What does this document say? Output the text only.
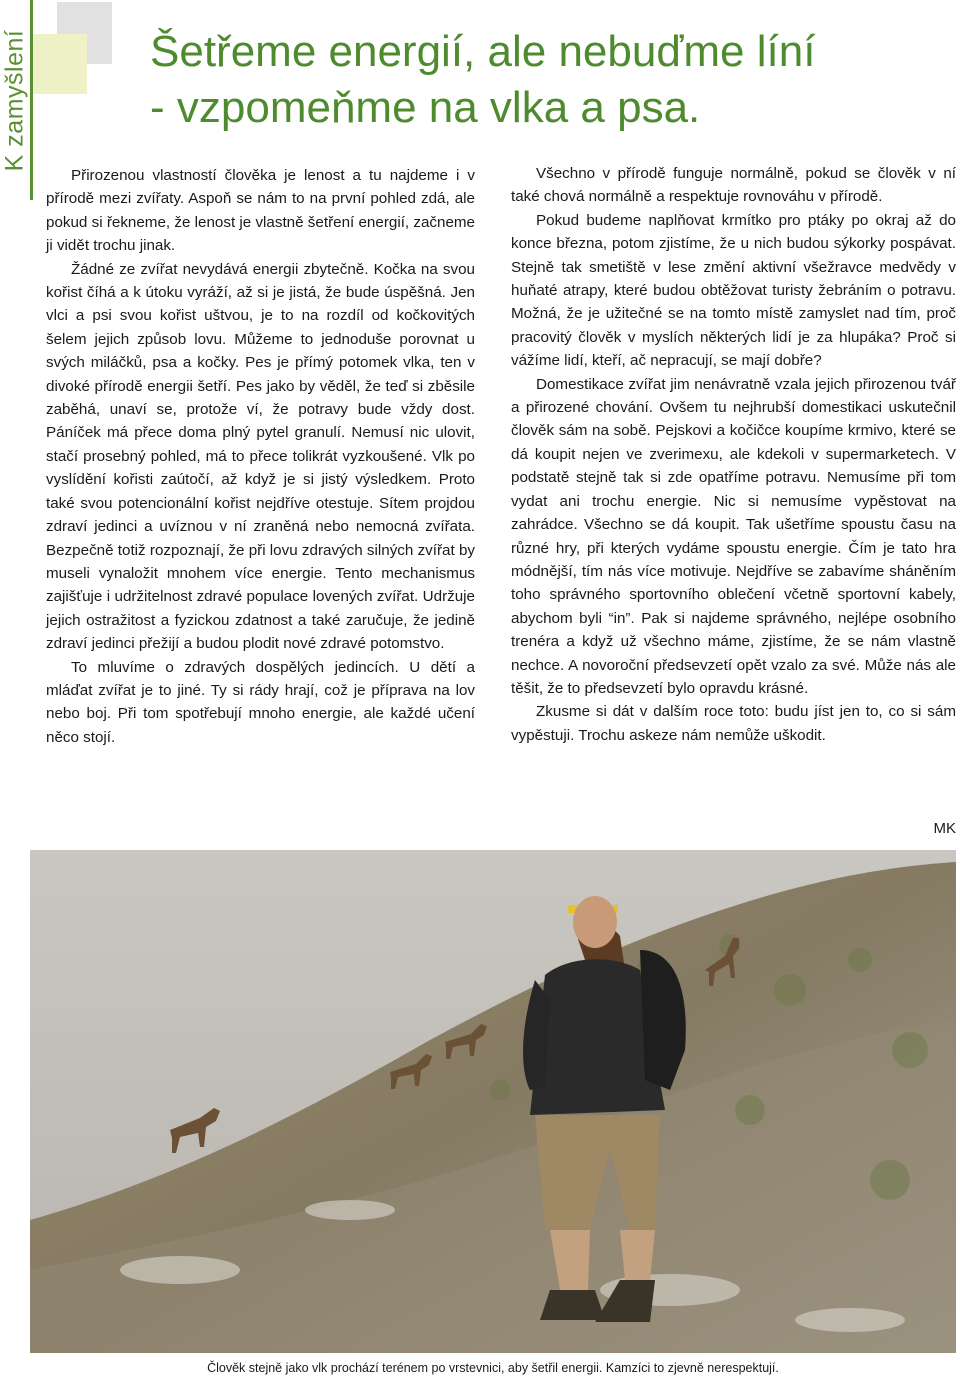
K zamyšlení	Šetřeme energií, ale nebuďme líní
- vzpomeňme na vlka a psa.

Přirozenou vlastností člověka je lenost a tu najdeme i v přírodě mezi zvířaty. Aspoň se nám to na první pohled zdá, ale pokud si řekneme, že lenost je vlastně šetření energií, začneme ji vidět trochu jinak.

Žádné ze zvířat nevydává energii zbytečně. Kočka na svou kořist číhá a k útoku vyráží, až si je jistá, že bude úspěšná. Jen vlci a psi svou kořist uštvou, je to na rozdíl od kočkovitých šelem jejich způsob lovu. Můžeme to jednoduše porovnat u svých miláčků, psa a kočky. Pes je přímý potomek vlka, ten v divoké přírodě energii šetří. Pes jako by věděl, že teď si zběsile zaběhá, unaví se, protože ví, že potravy bude vždy dost. Páníček má přece doma plný pytel granulí. Nemusí nic ulovit, stačí prosebný pohled, má to přece tolikrát vyzkoušené. Vlk po vyslídění kořisti zaútočí, až když je si jistý výsledkem. Proto také svou potencionální kořist nejdříve otestuje. Sítem projdou zdraví jedinci a uvíznou v ní zraněná nebo nemocná zvířata. Bezpečně totiž rozpoznají, že při lovu zdravých silných zvířat by museli vynaložit mnohem více energie. Tento mechanismus zajišťuje i udržitelnost zdravé populace lovených zvířat. Udržuje jejich ostražitost a fyzickou zdatnost a také zaručuje, že jedině zdraví jedinci přežijí a budou plodit nové zdravé potomstvo.

To mluvíme o zdravých dospělých jedincích. U dětí a mláďat zvířat je to jiné. Ty si rády hrají, což je příprava na lov nebo boj. Při tom spotřebují mnoho energie, ale každé učení něco stojí.

Všechno v přírodě funguje normálně, pokud se člověk v ní také chová normálně a respektuje rovnováhu v přírodě.

Pokud budeme naplňovat krmítko pro ptáky po okraj až do konce března, potom zjistíme, že u nich budou sýkorky pospávat. Stejně tak smetiště v lese změní aktivní všežravce medvědy v huňaté atrapy, které budou obtěžovat turisty žebráním o potravu. Možná, že je užitečné se na tomto místě zamyslet nad tím, proč pracovitý člověk v myslích některých lidí je za hlupáka? Proč si vážíme lidí, kteří, ač nepracují, se mají dobře?

Domestikace zvířat jim nenávratně vzala jejich přirozenou tvář a přirozené chování. Ovšem tu nejhrubší domestikaci uskutečnil člověk sám na sobě. Pejskovi a kočičce koupíme krmivo, které se dá koupit nejen ve zverimexu, ale kdekoli v supermarketech. V podstatě stejně tak si zde opatříme potravu. Nemusíme při tom vydat ani trochu energie. Nic si nemusíme vypěstovat na zahrádce. Všechno se dá koupit. Tak ušetříme spoustu času na různé hry, při kterých vydáme spoustu energie. Čím je tato hra módnější, tím nás více motivuje. Nejdříve se zabavíme sháněním toho správného sportovního oblečení včetně sportovní kabely, abychom byli “in”. Pak si najdeme správného, nejlépe osobního trenéra a když už všechno máme, zjistíme, že se nám vlastně nechce. A novoroční předsevzetí opět vzalo za své. Může nás ale těšit, že to předsevzetí bylo opravdu krásné.

Zkusme si dát v dalším roce toto: budu jíst jen to, co si sám vypěstuji. Trochu askeze nám nemůže uškodit.

MK
Člověk stejně jako vlk prochází terénem po vrstevnici, aby šetřil energii. Kamzíci to zjevně nerespektují.
